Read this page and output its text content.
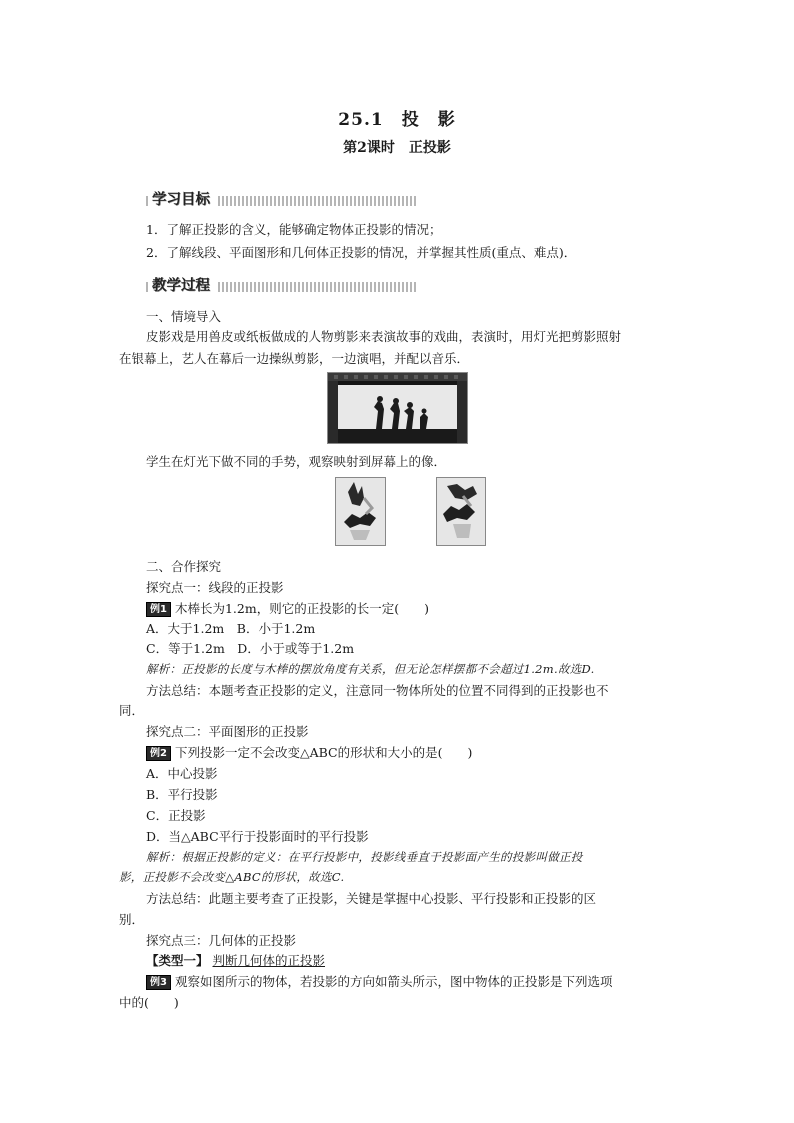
25.1　投　影
第2课时　正投影
学习目标
1．了解正投影的含义，能够确定物体正投影的情况；
2．了解线段、平面图形和几何体正投影的情况，并掌握其性质(重点、难点)．
教学过程
一、情境导入
皮影戏是用兽皮或纸板做成的人物剪影来表演故事的戏曲，表演时，用灯光把剪影照射
在银幕上，艺人在幕后一边操纵剪影，一边演唱，并配以音乐．
学生在灯光下做不同的手势，观察映射到屏幕上的像．
二、合作探究
探究点一：线段的正投影
例1 木棒长为1.2m，则它的正投影的长一定(　　)
A．大于1.2m　B．小于1.2m
C．等于1.2m　D．小于或等于1.2m
解析：正投影的长度与木棒的摆放角度有关系，但无论怎样摆都不会超过1.2m.故选D.
方法总结：本题考查正投影的定义，注意同一物体所处的位置不同得到的正投影也不
同．
探究点二：平面图形的正投影
例2 下列投影一定不会改变△ABC的形状和大小的是(　　)
A．中心投影
B．平行投影
C．正投影
D．当△ABC平行于投影面时的平行投影
解析：根据正投影的定义：在平行投影中，投影线垂直于投影面产生的投影叫做正投
影，正投影不会改变△ABC的形状，故选C.
方法总结：此题主要考查了正投影，关键是掌握中心投影、平行投影和正投影的区
别．
探究点三：几何体的正投影
【类型一】 判断几何体的正投影
例3 观察如图所示的物体，若投影的方向如箭头所示，图中物体的正投影是下列选项
中的(　　)
